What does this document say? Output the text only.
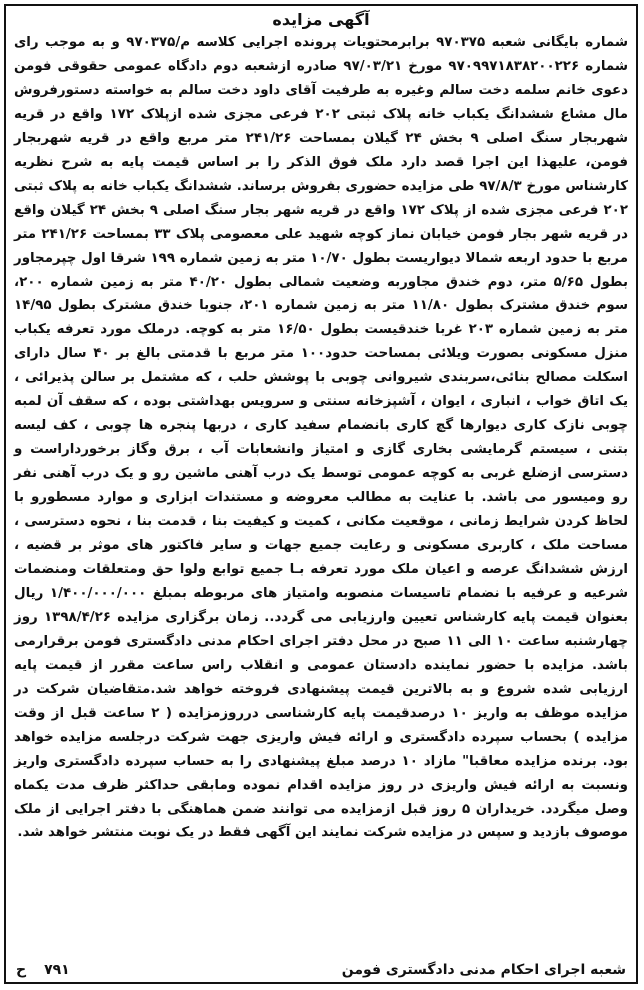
آگهی مزایده

شماره بایگانی شعبه ۹۷۰۳۷۵ برابرمحتویات پرونده اجرایی کلاسه م/۹۷۰۳۷۵ و به موجب رای شماره ۹۷۰۹۹۷۱۸۳۸۲۰۰۲۲۶ مورخ ۹۷/۰۳/۲۱ صادره ازشعبه دوم دادگاه عمومی حقوقی فومن دعوی خانم سلمه دخت سالم وغیره به طرفیت آقای داود دخت سالم به خواسته دستورفروش مال مشاع ششدانگ یکباب خانه پلاک ثبتی ۲۰۲ فرعی مجزی شده ازپلاک ۱۷۲ واقع در قریه شهربجار سنگ اصلی ۹ بخش ۲۴ گیلان بمساحت ۲۴۱/۲۶ متر مربع واقع در قریه شهربجار فومن، علیهذا این اجرا قصد دارد ملک فوق الذکر را بر اساس قیمت پایه به شرح نظریه کارشناس مورخ ۹۷/۸/۳ طی مزایده حضوری بفروش برساند. ششدانگ یکباب خانه به پلاک ثبتی ۲۰۲ فرعی مجزی شده از پلاک ۱۷۲ واقع در قریه شهر بجار سنگ اصلی ۹ بخش ۲۴ گیلان واقع در قریه شهر بجار فومن خیابان نماز کوچه شهید علی معصومی پلاک ۳۳ بمساحت ۲۴۱/۲۶ متر مربع با حدود اربعه شمالا دیواریست بطول ۱۰/۷۰ متر به زمین شماره ۱۹۹ شرقا اول چپرمجاور بطول ۵/۶۵ متر، دوم خندق مجاوربه وضعیت شمالی بطول ۴۰/۲۰ متر به زمین شماره ۲۰۰، سوم خندق مشترک بطول ۱۱/۸۰ متر به زمین شماره ۲۰۱، جنوبا خندق مشترک بطول ۱۴/۹۵ متر به زمین شماره ۲۰۳ غربا خندقیست بطول ۱۶/۵۰ متر به کوچه. درملک مورد تعرفه یکباب منزل مسکونی بصورت ویلائی بمساحت حدود۱۰۰ متر مربع با قدمتی بالغ بر ۴۰ سال دارای اسکلت مصالح بنائی،سربندی شیروانی چوبی با پوشش حلب ، که مشتمل بر سالن پذیرائی ، یک اتاق خواب ، انباری ، ایوان ، آشپزخانه سنتی و سرویس بهداشتی بوده ، که سقف آن لمبه چوبی نازک کاری دیوارها گچ کاری بانضمام سفید کاری ، دربها پنجره ها چوبی ، کف لیسه بتنی ، سیستم گرمایشی بخاری گازی و امتیاز وانشعابات آب ، برق وگاز برخورداراست و دسترسی ازضلع غربی به کوچه عمومی توسط یک درب آهنی ماشین رو و یک درب آهنی نفر رو ومیسور می باشد. با عنایت به مطالب معروضه و مستندات ابزاری و موارد مسطورو با لحاظ کردن شرایط زمانی ، موقعیت مکانی ، کمیت و کیفیت بنا ، قدمت بنا ، نحوه دسترسی ، مساحت ملک ، کاربری مسکونی و رعایت جمیع جهات و سایر فاکتور های موثر بر قضیه ، ارزش ششدانگ عرصه و اعیان ملک مورد تعرفه بـا جمیع توابع ولوا حق ومتعلقات ومنضمات شرعیه و عرفیه با نضمام تاسیسات منصوبه وامتیاز های مربوطه بمبلغ ۱/۴۰۰/۰۰۰/۰۰۰ ریال بعنوان قیمت پایه کارشناس تعیین وارزیابی می گردد.. زمان برگزاری مزایده ۱۳۹۸/۴/۲۶ روز چهارشنبه ساعت ۱۰ الی ۱۱ صبح در محل دفتر اجرای احکام مدنی دادگستری فومن برقرارمی باشد. مزایده با حضور نماینده دادستان عمومی و انقلاب راس ساعت مقرر از قیمت پایه ارزیابی شده شروع و به بالاترین قیمت پیشنهادی فروخته خواهد شد.متقاضیان شرکت در مزایده موظف به واریز ۱۰ درصدقیمت پایه کارشناسی درروزمزایده ( ۲ ساعت قبل از وقت مزایده ) بحساب سپرده دادگستری و ارائه فیش واریزی جهت شرکت درجلسه مزایده خواهد بود. برنده مزایده معاقبا" مازاد ۱۰ درصد مبلغ پیشنهادی را به حساب سپرده دادگستری واریز ونسبت به ارائه فیش واریزی در روز مزایده اقدام نموده ومابقی حداکثر ظرف مدت یکماه وصل میگردد. خریداران ۵ روز قبل ازمزایده می توانند ضمن هماهنگی با دفتر اجرایی از ملک موصوف بازدید و سپس در مزایده شرکت نمایند این آگهی فقط در یک نوبت منتشر خواهد شد.

شعبه اجرای احکام مدنی دادگستری فومن
۷۹۱
ح
